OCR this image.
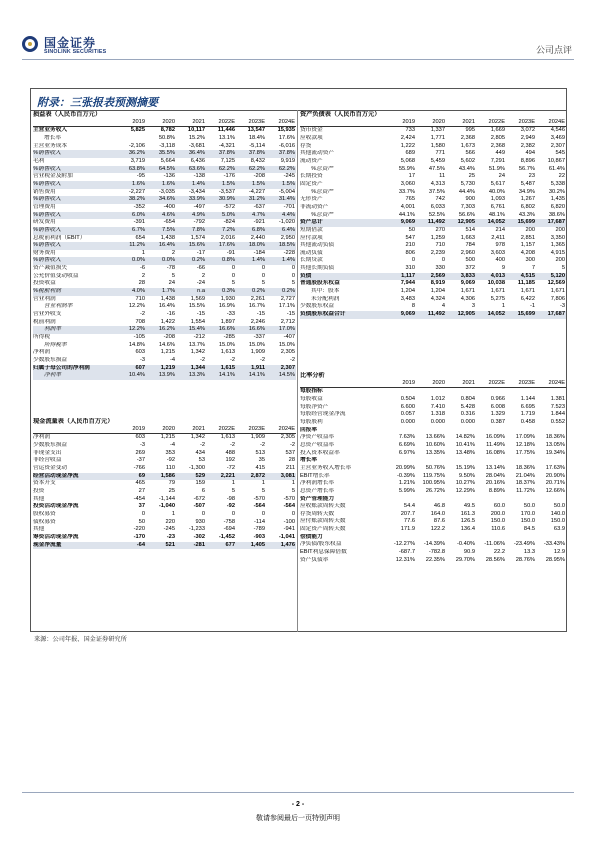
国金证券
SINOLINK SECURITIES	公司点评
附录：三张报表预测摘要
损益表（人民币百万元）						
	2019	2020	2021	2022E	2023E	2024E
主营业务收入	5,825	8,782	10,117	11,446	13,547	15,935
增长率		50.8%	15.2%	13.1%	18.4%	17.6%
主营业务成本	-2,106	-3,118	-3,681	-4,321	-5,114	-6,016
%销售收入	36.2%	35.5%	36.4%	37.8%	37.8%	37.8%
毛利	3,719	5,664	6,436	7,125	8,432	9,919
%销售收入	63.8%	64.5%	63.6%	62.2%	62.2%	62.2%
营业税金及附加	-95	-136	-138	-176	-208	-245
%销售收入	1.6%	1.6%	1.4%	1.5%	1.5%	1.5%
销售费用	-2,227	-3,035	-3,434	-3,537	-4,227	-5,004
%销售收入	38.2%	34.6%	33.9%	30.9%	31.2%	31.4%
管理费用	-352	-400	-497	-572	-637	-701
%销售收入	6.0%	4.6%	4.9%	5.0%	4.7%	4.4%
研发费用	-391	-654	-792	-824	-921	-1,020
%销售收入	6.7%	7.5%	7.8%	7.2%	6.8%	6.4%
息税前利润（EBIT）	654	1,438	1,574	2,016	2,440	2,950
%销售收入	11.2%	16.4%	15.6%	17.6%	18.0%	18.5%
财务费用	1	2	-17	-91	-184	-228
%销售收入	0.0%	0.0%	0.2%	0.8%	1.4%	1.4%
资产减值损失	-6	-78	-66	0	0	0
公允价值变动收益	2	5	2	0	0	0
投资收益	28	24	-24	5	5	5
%税前利润	4.0%	1.7%	n.a	0.3%	0.2%	0.2%
营业利润	710	1,438	1,569	1,930	2,261	2,727
营业利润率	12.2%	16.4%	15.5%	16.9%	16.7%	17.1%
营业外收支	-2	-16	-15	-33	-15	-15
税前利润	708	1,422	1,554	1,897	2,246	2,712
利润率	12.2%	16.2%	15.4%	16.6%	16.6%	17.0%
所得税	-105	-208	-212	-285	-337	-407
所得税率	14.8%	14.6%	13.7%	15.0%	15.0%	15.0%
净利润	603	1,215	1,342	1,613	1,909	2,305
少数股东损益	-3	-4	-2	-2	-2	-2
归属于母公司的净利润	607	1,219	1,344	1,615	1,911	2,307
净利率	10.4%	13.9%	13.3%	14.1%	14.1%	14.5%
现金流量表（人民币百万元）						
	2019	2020	2021	2022E	2023E	2024E
净利润	603	1,215	1,342	1,613	1,909	2,305
少数股东损益	-3	-4	-2	-2	-2	-2
非现金支出	269	353	434	488	513	537
非经营收益	-37	-92	53	192	35	28
营运资金变动	-766	110	-1,300	-72	415	211
经营活动现金净流	69	1,586	529	2,221	2,872	3,081
资本开支	465	79	159	1	1	1
投资	27	25	6	5	5	5
其他	-454	-1,144	-672	-98	-570	-570
投资活动现金净流	37	-1,040	-507	-92	-564	-564
股权募资	0	1	0	0	0	0
债权募资	50	220	930	-758	-114	-100
其他	-220	-245	-1,233	-694	-789	-941
筹资活动现金净流	-170	-23	-302	-1,452	-903	-1,041
现金净流量	-64	521	-281	677	1,405	1,476
资产负债表（人民币百万元）						
	2019	2020	2021	2022E	2023E	2024E
货币资金	733	1,337	995	1,669	3,072	4,546
应收款项	2,424	1,771	2,368	2,805	2,949	3,469
存货	1,222	1,580	1,673	2,368	2,382	2,307
其他流动资产	689	771	566	449	494	545
流动资产	5,068	5,459	5,602	7,291	8,896	10,867
%总资产	55.9%	47.5%	43.4%	51.9%	56.7%	61.4%
长期投资	17	11	25	24	23	22
固定资产	3,060	4,313	5,730	5,617	5,487	5,338
%总资产	33.7%	37.5%	44.4%	40.0%	34.9%	30.2%
无形资产	765	742	900	1,093	1,267	1,435
非流动资产	4,001	6,033	7,303	6,761	6,802	6,820
%总资产	44.1%	52.5%	56.6%	48.1%	43.3%	38.6%
资产总计	9,069	11,492	12,905	14,052	15,699	17,687
短期借款	50	270	514	214	200	200
应付款项	547	1,259	1,663	2,411	2,851	3,350
其他流动负债	210	710	784	978	1,157	1,365
流动负债	806	2,239	2,960	3,603	4,208	4,915
长期贷款	0	0	500	400	300	200
其他长期负债	310	330	372	9	7	5
负债	1,117	2,569	3,833	4,013	4,515	5,120
普通股股东权益	7,944	8,919	9,069	10,038	11,185	12,569
其中：股本	1,204	1,204	1,671	1,671	1,671	1,671
未分配利润	3,483	4,324	4,306	5,275	6,422	7,806
少数股东权益	8	4	3	1	-1	-3
负债股东权益合计	9,069	11,492	12,905	14,052	15,699	17,687
比率分析						
	2019	2020	2021	2022E	2023E	2024E
每股指标						
每股收益	0.504	1.012	0.804	0.966	1.144	1.381
每股净资产	6.600	7.410	5.428	6.008	6.695	7.523
每股经营现金净流	0.057	1.318	0.316	1.329	1.719	1.844
每股股利	0.000	0.000	0.000	0.387	0.458	0.552
回报率						
净资产收益率	7.63%	13.66%	14.82%	16.09%	17.09%	18.36%
总资产收益率	6.69%	10.60%	10.41%	11.49%	12.18%	13.05%
投入资本收益率	6.97%	13.35%	13.48%	16.08%	17.75%	19.34%
增长率						
主营业务收入增长率	20.99%	50.76%	15.19%	13.14%	18.36%	17.63%
EBIT增长率	-0.39%	119.75%	9.50%	28.04%	21.04%	20.90%
净利润增长率	1.21%	100.95%	10.27%	20.16%	18.37%	20.71%
总资产增长率	5.99%	26.72%	12.29%	8.89%	11.72%	12.66%
资产管理能力						
应收账款周转天数	54.4	46.8	49.5	60.0	50.0	50.0
存货周转天数	207.7	164.0	161.3	200.0	170.0	140.0
应付账款周转天数	77.6	87.6	126.5	150.0	150.0	150.0
固定资产周转天数	171.9	122.2	136.4	110.6	84.5	63.9
偿债能力						
净负债/股东权益	-12.27%	-14.39%	-0.40%	-11.06%	-23.49%	-33.43%
EBIT利息保障倍数	-687.7	-782.8	90.9	22.2	13.3	12.9
资产负债率	12.31%	22.35%	29.70%	28.56%	28.76%	28.95%
来源：公司年报、国金证券研究所
- 2 -
敬请参阅最后一页特别声明
